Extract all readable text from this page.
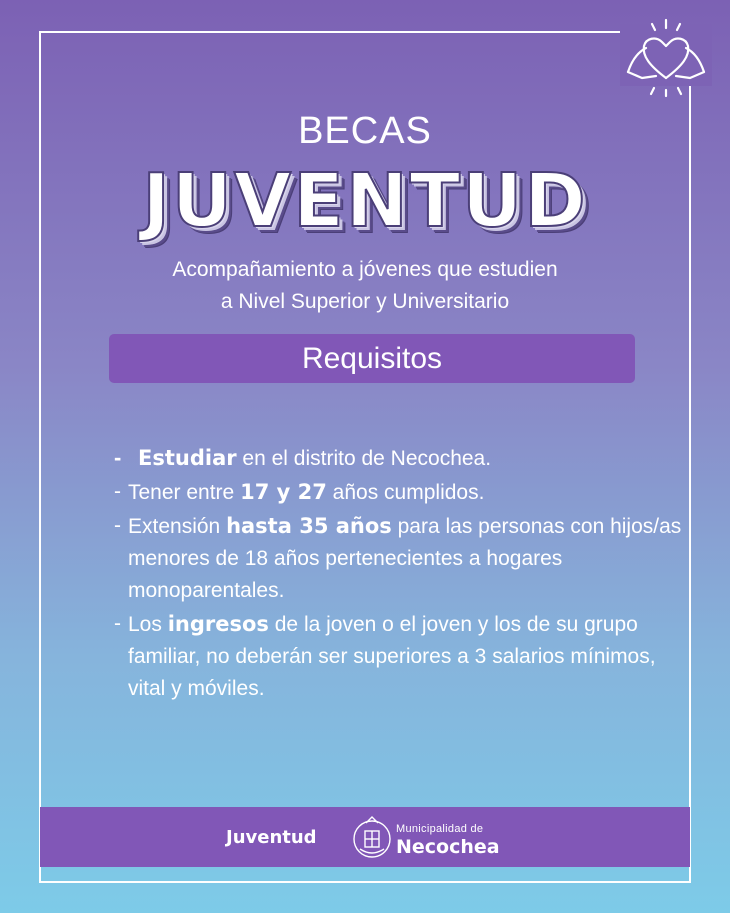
BECAS
JUVENTUD
Acompañamiento a jóvenes que estudien
a Nivel Superior y Universitario
Requisitos
- Estudiar en el distrito de Necochea.
- Tener entre 17 y 27 años cumplidos.
- Extensión hasta 35 años para las personas con hijos/as menores de 18 años pertenecientes a hogares monoparentales.
- Los ingresos de la joven o el joven y los de su grupo familiar, no deberán ser superiores a 3 salarios mínimos, vital y móviles.
Juventud	Municipalidad de
Necochea
